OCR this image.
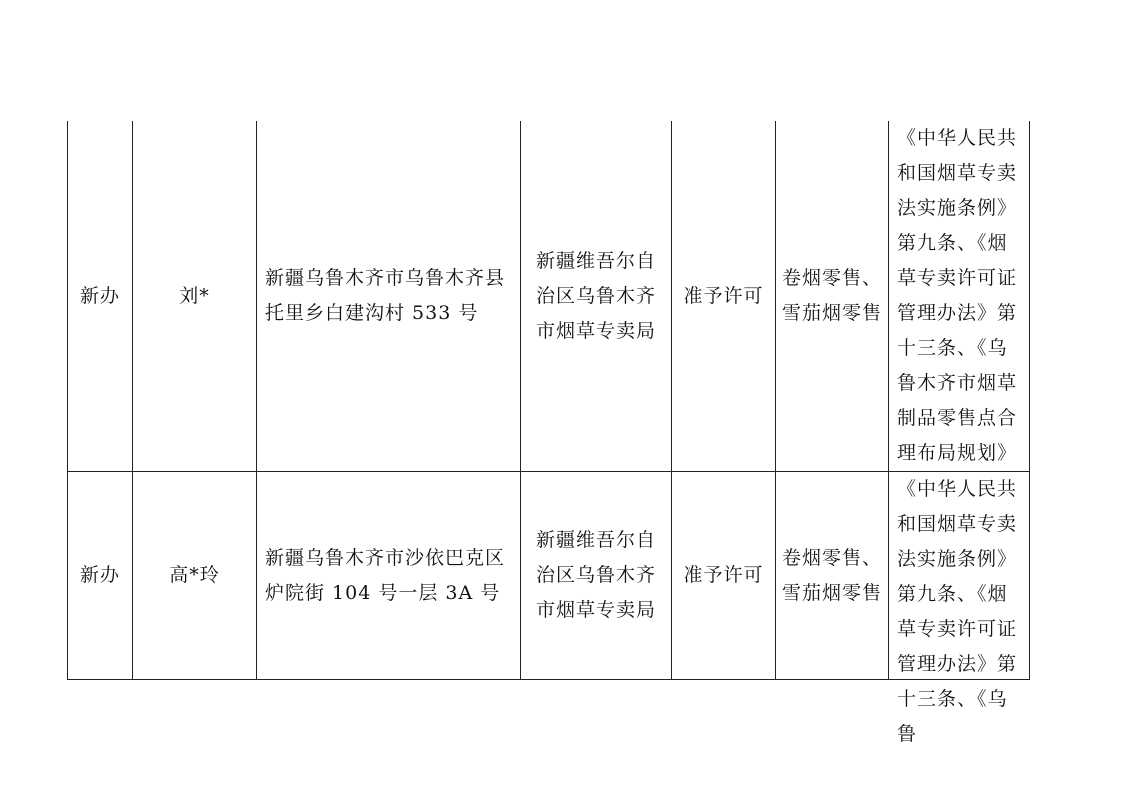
新办	刘*	新疆乌鲁木齐市乌鲁木齐县托里乡白建沟村 533 号	新疆维吾尔自治区乌鲁木齐市烟草专卖局	准予许可	卷烟零售、雪茄烟零售	《中华人民共和国烟草专卖法实施条例》第九条、《烟草专卖许可证管理办法》第十三条、《乌鲁木齐市烟草制品零售点合理布局规划》

新办	高*玲	新疆乌鲁木齐市沙依巴克区炉院街 104 号一层 3A 号	新疆维吾尔自治区乌鲁木齐市烟草专卖局	准予许可	卷烟零售、雪茄烟零售	《中华人民共和国烟草专卖法实施条例》第九条、《烟草专卖许可证管理办法》第十三条、《乌鲁
